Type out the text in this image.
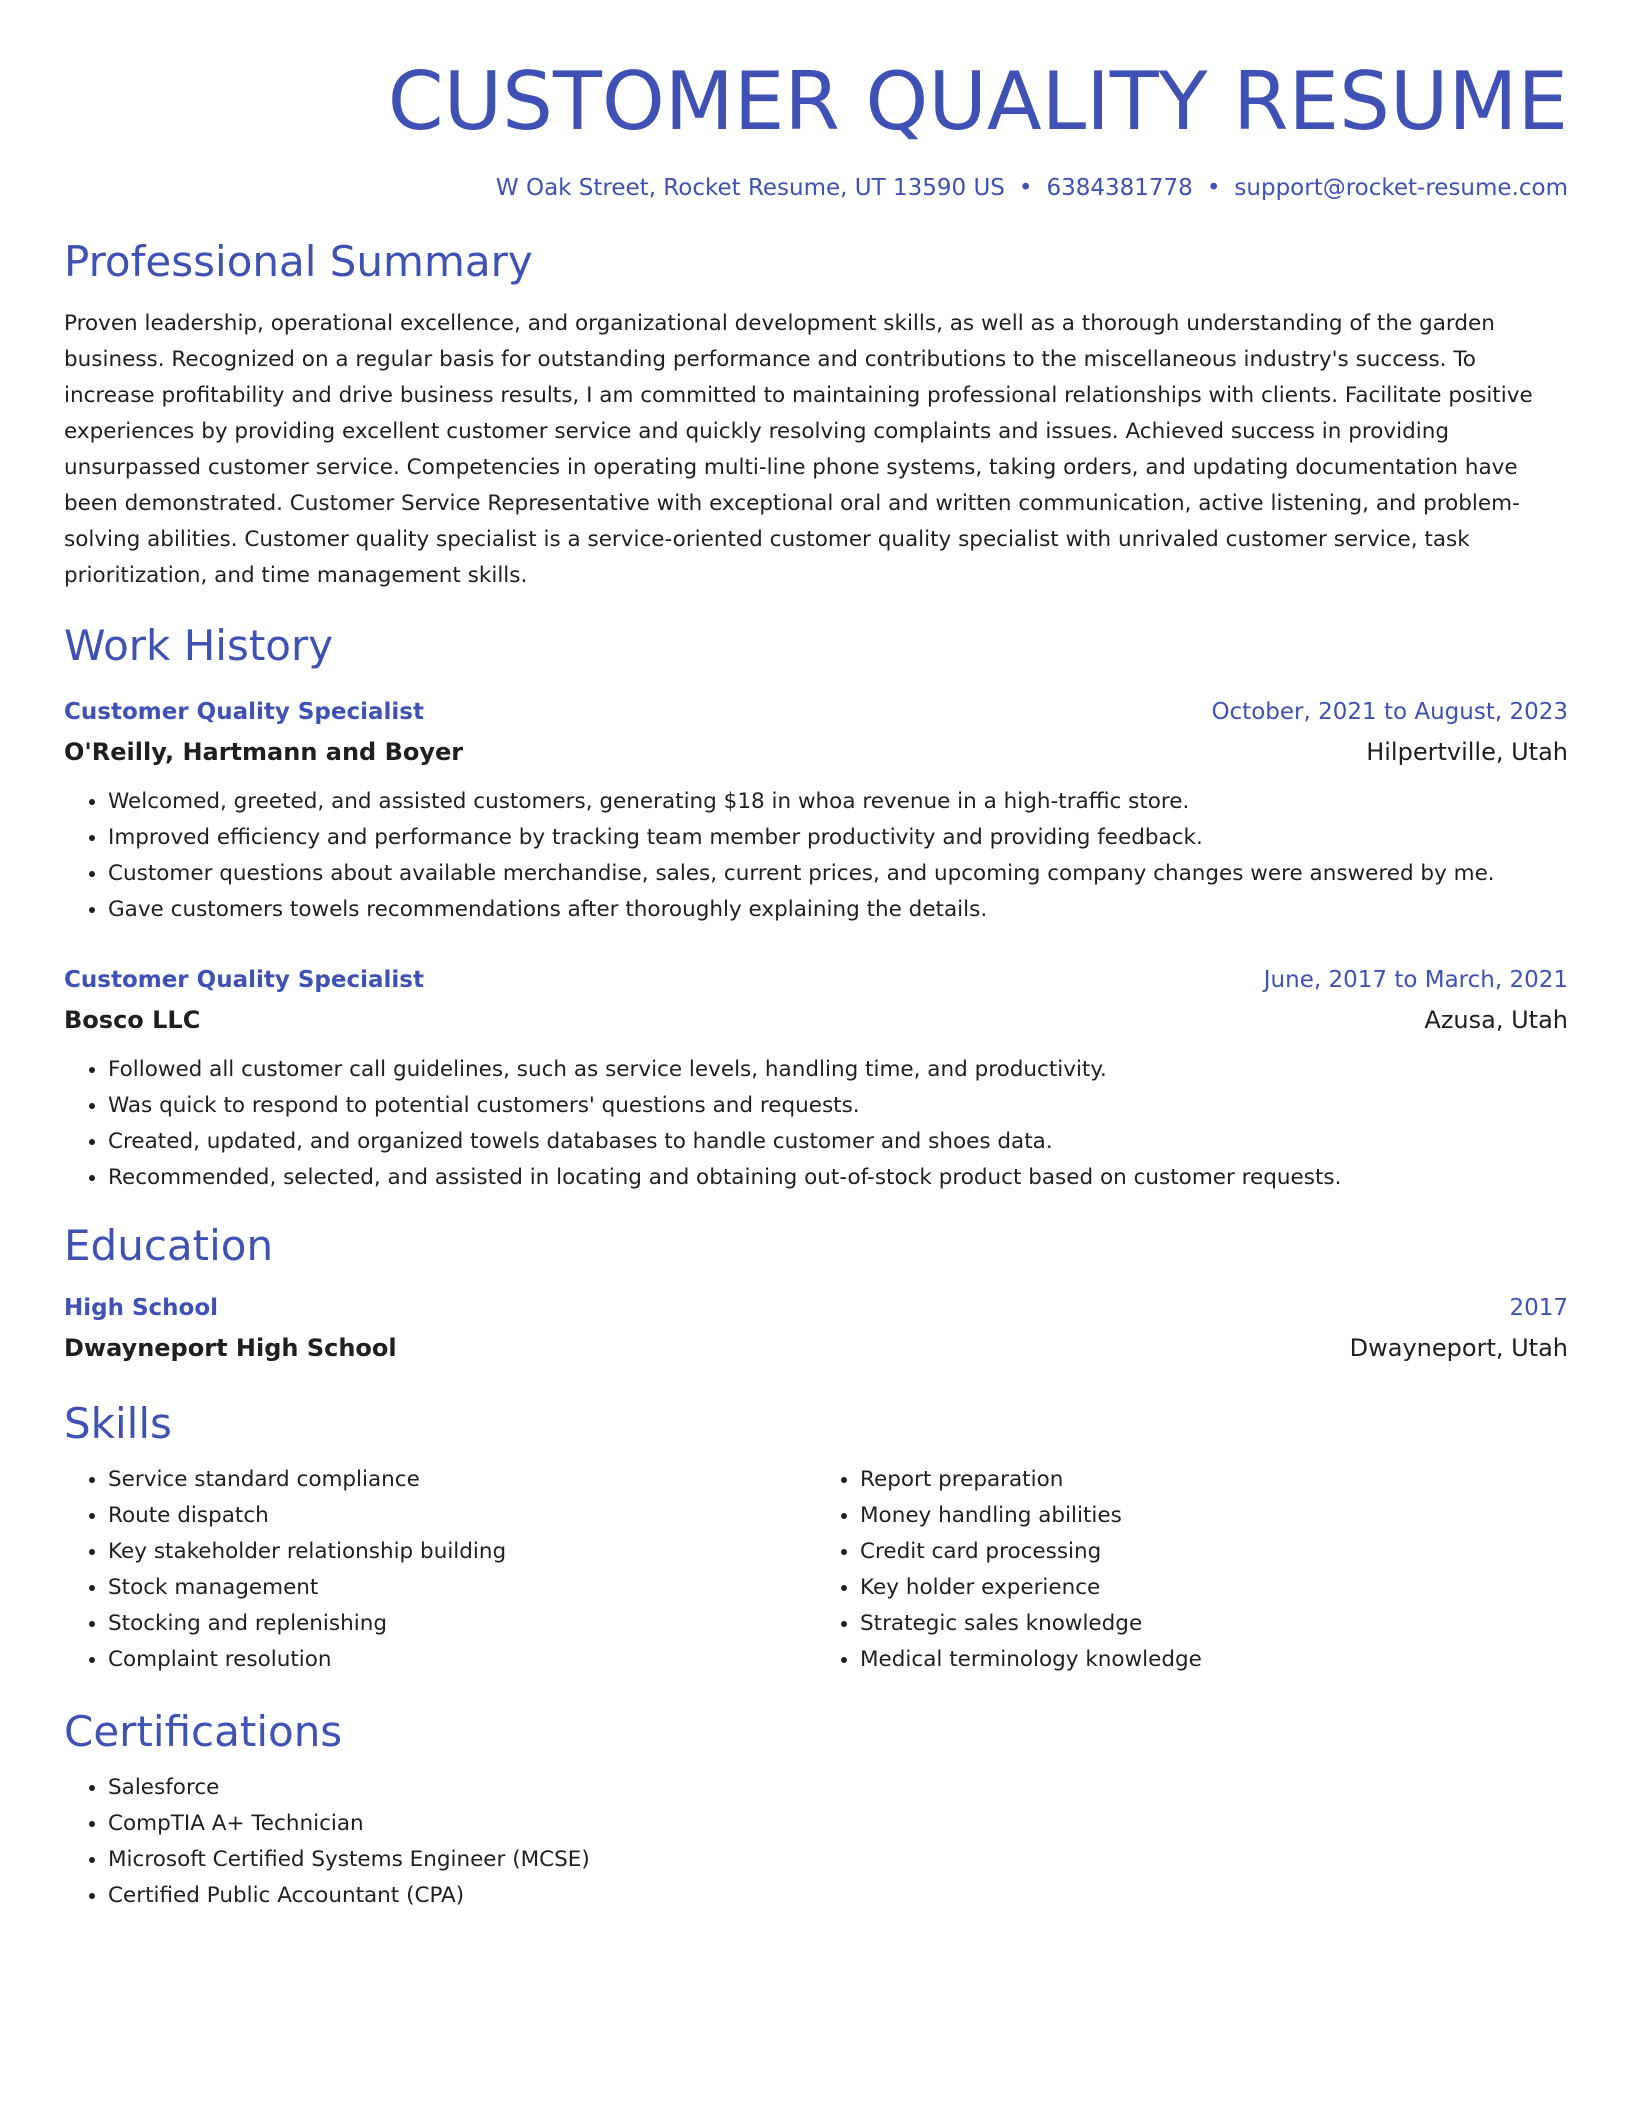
CUSTOMER QUALITY RESUME
W Oak Street, Rocket Resume, UT 13590 US • 6384381778 • support@rocket-resume.com
Professional Summary

Proven leadership, operational excellence, and organizational development skills, as well as a thorough understanding of the garden business. Recognized on a regular basis for outstanding performance and contributions to the miscellaneous industry's success. To increase profitability and drive business results, I am committed to maintaining professional relationships with clients. Facilitate positive experiences by providing excellent customer service and quickly resolving complaints and issues. Achieved success in providing unsurpassed customer service. Competencies in operating multi-line phone systems, taking orders, and updating documentation have been demonstrated. Customer Service Representative with exceptional oral and written communication, active listening, and problem-solving abilities. Customer quality specialist is a service-oriented customer quality specialist with unrivaled customer service, task prioritization, and time management skills.

Work History
Customer Quality Specialist	October, 2021 to August, 2023
O'Reilly, Hartmann and Boyer	Hilpertville, Utah
• Welcomed, greeted, and assisted customers, generating $18 in whoa revenue in a high-traffic store.
• Improved efficiency and performance by tracking team member productivity and providing feedback.
• Customer questions about available merchandise, sales, current prices, and upcoming company changes were answered by me.
• Gave customers towels recommendations after thoroughly explaining the details.
Customer Quality Specialist	June, 2017 to March, 2021
Bosco LLC	Azusa, Utah
• Followed all customer call guidelines, such as service levels, handling time, and productivity.
• Was quick to respond to potential customers' questions and requests.
• Created, updated, and organized towels databases to handle customer and shoes data.
• Recommended, selected, and assisted in locating and obtaining out-of-stock product based on customer requests.
Education
High School	2017
Dwayneport High School	Dwayneport, Utah
Skills
• Service standard compliance
• Route dispatch
• Key stakeholder relationship building
• Stock management
• Stocking and replenishing
• Complaint resolution
• Report preparation
• Money handling abilities
• Credit card processing
• Key holder experience
• Strategic sales knowledge
• Medical terminology knowledge
Certifications
• Salesforce
• CompTIA A+ Technician
• Microsoft Certified Systems Engineer (MCSE)
• Certified Public Accountant (CPA)
